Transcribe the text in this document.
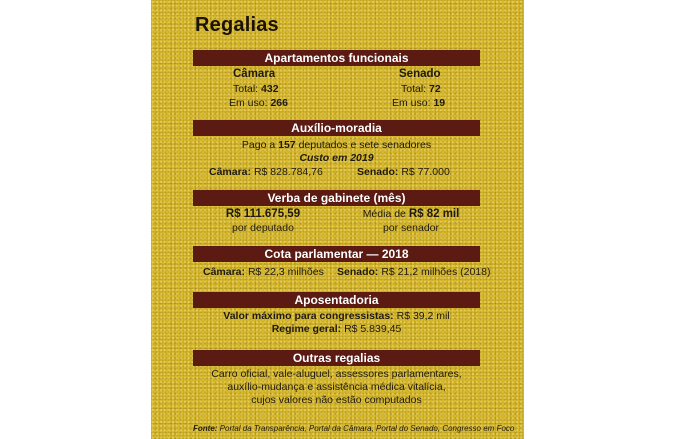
Regalias
Apartamentos funcionais
Câmara
Total: 432
Em uso: 266
Senado
Total: 72
Em uso: 19
Auxílio-moradia
Pago a 157 deputados e sete senadores
Custo em 2019
Câmara: R$ 828.784,76	Senado: R$ 77.000
Verba de gabinete (mês)
R$ 111.675,59
por deputado
Média de R$ 82 mil
por senador
Cota parlamentar — 2018
Câmara: R$ 22,3 milhões Senado: R$ 21,2 milhões (2018)
Aposentadoria
Valor máximo para congressistas: R$ 39,2 mil
Regime geral: R$ 5.839,45
Outras regalias
Carro oficial, vale-aluguel, assessores parlamentares,
auxílio-mudança e assistência médica vitalícia,
cujos valores não estão computados
Fonte: Portal da Transparência, Portal da Câmara, Portal do Senado, Congresso em Foco
